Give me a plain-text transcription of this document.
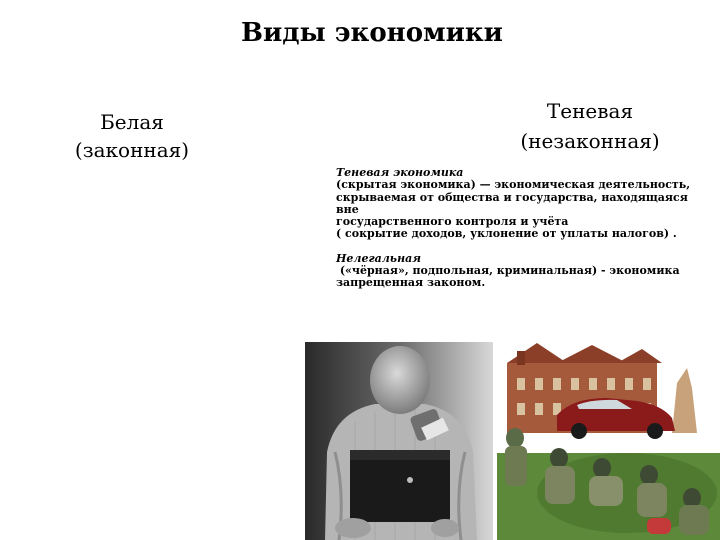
Виды экономики
Белая
(законная)
Теневая
(незаконная)

Теневая экономика

(скрытая экономика) — экономическая деятельность,

скрываемая от общества и государства, находящаяся вне

государственного контроля и учёта

( сокрытие доходов, уклонение от уплаты налогов) .

Нелегальная

(«чёрная», подпольная, криминальная) - экономика

запрещенная законом.
